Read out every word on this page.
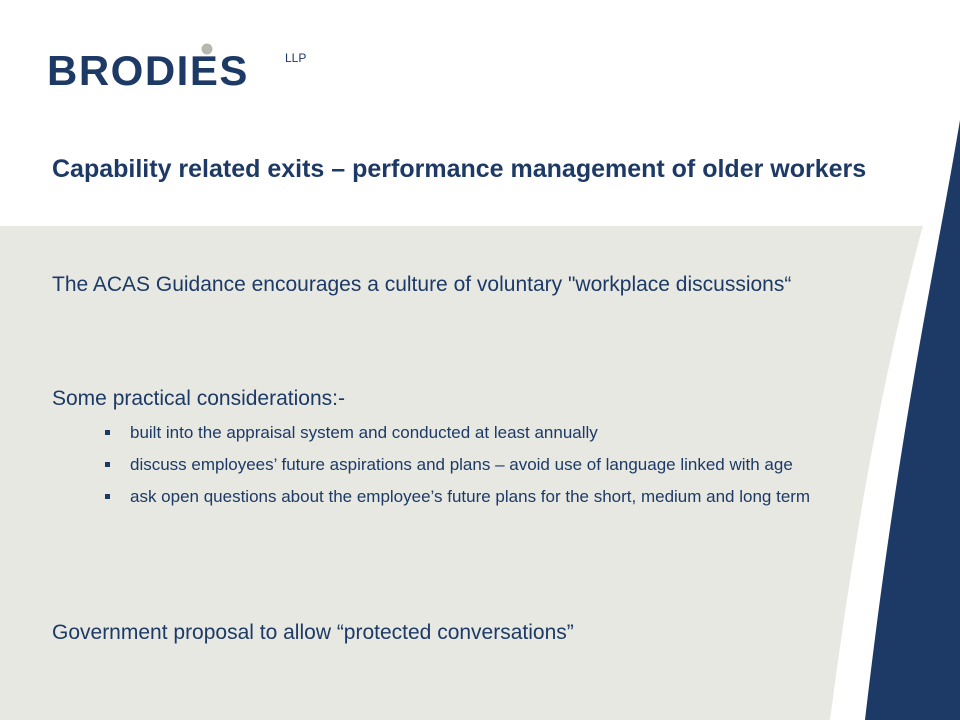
BRODIES	LLP
Capability related exits – performance management of older workers

The ACAS Guidance encourages a culture of voluntary "workplace discussions“

Some practical considerations:-

built into the appraisal system and conducted at least annually
discuss employees’ future aspirations and plans – avoid use of language linked with age
ask open questions about the employee’s future plans for the short, medium and long term

Government proposal to allow “protected conversations”
